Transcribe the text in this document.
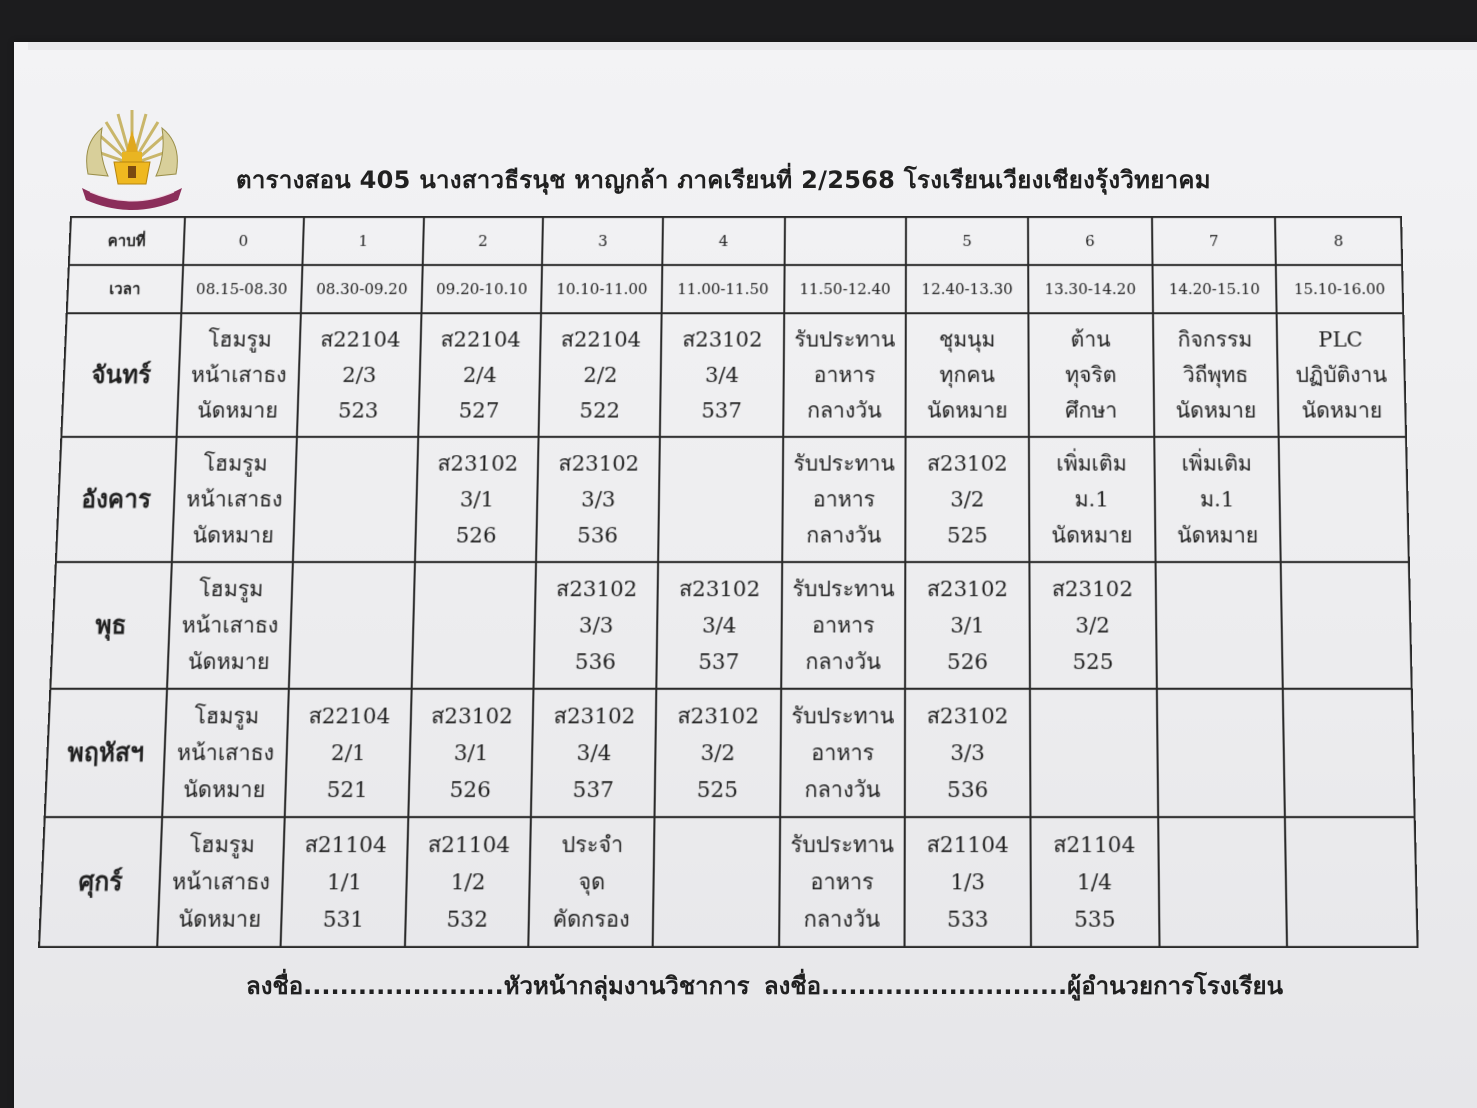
ตารางสอน 405 นางสาวธีรนุช หาญกล้า ภาคเรียนที่ 2/2568 โรงเรียนเวียงเชียงรุ้งวิทยาคม
คาบที่	0	1	2	3	4		5	6	7	8
เวลา	08.15-08.30	08.30-09.20	09.20-10.10	10.10-11.00	11.00-11.50	11.50-12.40	12.40-13.30	13.30-14.20	14.20-15.10	15.10-16.00
จันทร์	โฮมรูม
หน้าเสาธง
นัดหมาย	ส22104
2/3
523	ส22104
2/4
527	ส22104
2/2
522	ส23102
3/4
537	รับประทาน
อาหาร
กลางวัน	ชุมนุม
ทุกคน
นัดหมาย	ต้าน
ทุจริต
ศึกษา	กิจกรรม
วิถีพุทธ
นัดหมาย	PLC
ปฏิบัติงาน
นัดหมาย

อังคาร	โฮมรูม
หน้าเสาธง
นัดหมาย		ส23102
3/1
526	ส23102
3/3
536		รับประทาน
อาหาร
กลางวัน	ส23102
3/2
525	เพิ่มเติม
ม.1
นัดหมาย	เพิ่มเติม
ม.1
นัดหมาย	

พุธ	โฮมรูม
หน้าเสาธง
นัดหมาย			ส23102
3/3
536	ส23102
3/4
537	รับประทาน
อาหาร
กลางวัน	ส23102
3/1
526	ส23102
3/2
525		

พฤหัสฯ	โฮมรูม
หน้าเสาธง
นัดหมาย	ส22104
2/1
521	ส23102
3/1
526	ส23102
3/4
537	ส23102
3/2
525	รับประทาน
อาหาร
กลางวัน	ส23102
3/3
536			

ศุกร์	โฮมรูม
หน้าเสาธง
นัดหมาย	ส21104
1/1
531	ส21104
1/2
532	ประจำ
จุด
คัดกรอง		รับประทาน
อาหาร
กลางวัน	ส21104
1/3
533	ส21104
1/4
535		

ลงชื่อ......................หัวหน้ากลุ่มงานวิชาการ ลงชื่อ...........................ผู้อำนวยการโรงเรียน
